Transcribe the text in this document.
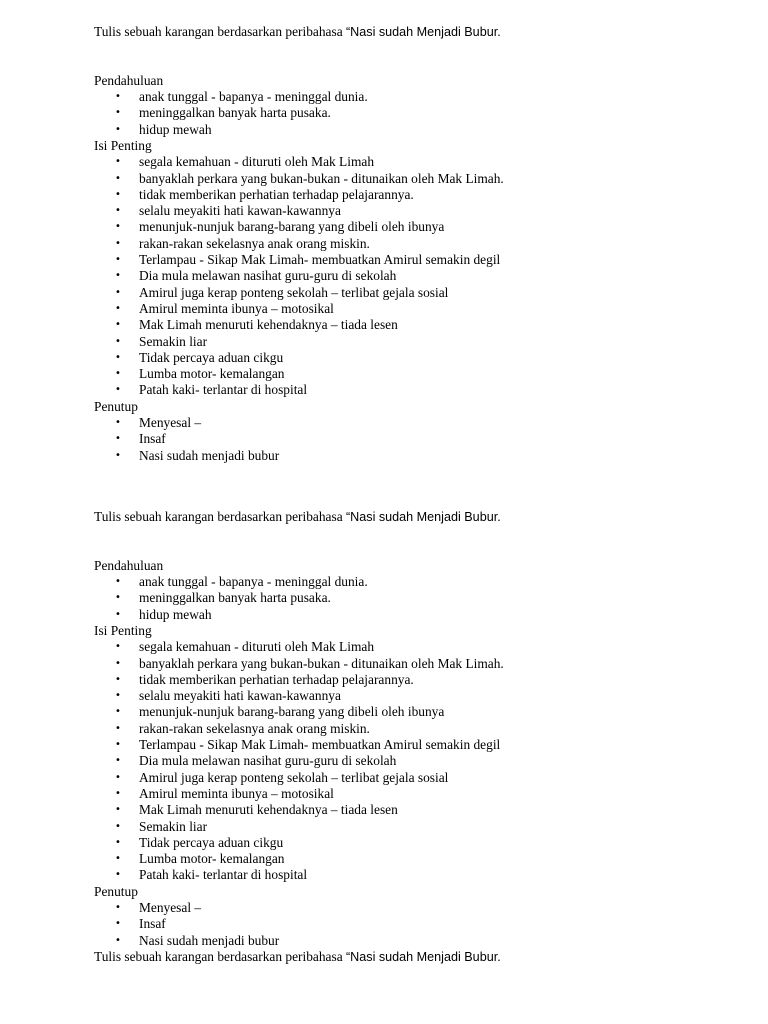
Tulis sebuah karangan berdasarkan peribahasa “Nasi sudah Menjadi Bubur.
Pendahuluan
• anak tunggal - bapanya - meninggal dunia.
• meninggalkan banyak harta pusaka.
• hidup mewah
Isi Penting
• segala kemahuan - dituruti oleh Mak Limah
• banyaklah perkara yang bukan-bukan - ditunaikan oleh Mak Limah.
• tidak memberikan perhatian terhadap pelajarannya.
• selalu meyakiti hati kawan-kawannya
• menunjuk-nunjuk barang-barang yang dibeli oleh ibunya
• rakan-rakan sekelasnya anak orang miskin.
• Terlampau - Sikap Mak Limah- membuatkan Amirul semakin degil
• Dia mula melawan nasihat guru-guru di sekolah
• Amirul juga kerap ponteng sekolah – terlibat gejala sosial
• Amirul meminta ibunya – motosikal
• Mak Limah menuruti kehendaknya – tiada lesen
• Semakin liar
• Tidak percaya aduan cikgu
• Lumba motor- kemalangan
• Patah kaki- terlantar di hospital
Penutup
• Menyesal –
• Insaf
• Nasi sudah menjadi bubur
Tulis sebuah karangan berdasarkan peribahasa “Nasi sudah Menjadi Bubur.
Pendahuluan
• anak tunggal - bapanya - meninggal dunia.
• meninggalkan banyak harta pusaka.
• hidup mewah
Isi Penting
• segala kemahuan - dituruti oleh Mak Limah
• banyaklah perkara yang bukan-bukan - ditunaikan oleh Mak Limah.
• tidak memberikan perhatian terhadap pelajarannya.
• selalu meyakiti hati kawan-kawannya
• menunjuk-nunjuk barang-barang yang dibeli oleh ibunya
• rakan-rakan sekelasnya anak orang miskin.
• Terlampau - Sikap Mak Limah- membuatkan Amirul semakin degil
• Dia mula melawan nasihat guru-guru di sekolah
• Amirul juga kerap ponteng sekolah – terlibat gejala sosial
• Amirul meminta ibunya – motosikal
• Mak Limah menuruti kehendaknya – tiada lesen
• Semakin liar
• Tidak percaya aduan cikgu
• Lumba motor- kemalangan
• Patah kaki- terlantar di hospital
Penutup
• Menyesal –
• Insaf
• Nasi sudah menjadi bubur
Tulis sebuah karangan berdasarkan peribahasa “Nasi sudah Menjadi Bubur.
